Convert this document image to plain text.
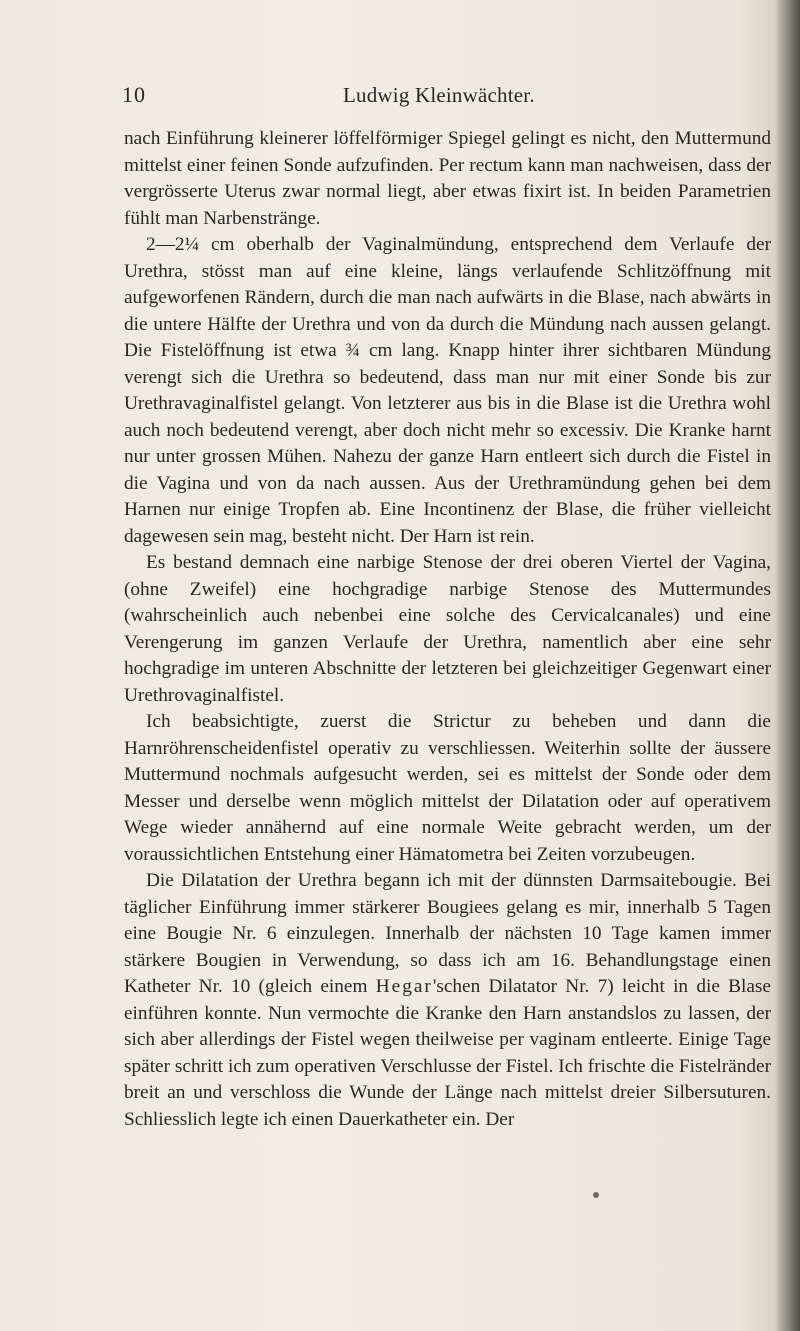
10	Ludwig Kleinwächter.

nach Einführung kleinerer löffelförmiger Spiegel gelingt es nicht, den Muttermund mittelst einer feinen Sonde aufzufinden. Per rectum kann man nachweisen, dass der vergrösserte Uterus zwar normal liegt, aber etwas fixirt ist. In beiden Parametrien fühlt man Narbenstränge.

2—2¼ cm oberhalb der Vaginalmündung, entsprechend dem Verlaufe der Urethra, stösst man auf eine kleine, längs verlaufende Schlitzöffnung mit aufgeworfenen Rändern, durch die man nach aufwärts in die Blase, nach abwärts in die untere Hälfte der Urethra und von da durch die Mündung nach aussen gelangt. Die Fistelöffnung ist etwa ¾ cm lang. Knapp hinter ihrer sichtbaren Mündung verengt sich die Urethra so bedeutend, dass man nur mit einer Sonde bis zur Urethravaginalfistel gelangt. Von letzterer aus bis in die Blase ist die Urethra wohl auch noch bedeutend verengt, aber doch nicht mehr so excessiv. Die Kranke harnt nur unter grossen Mühen. Nahezu der ganze Harn entleert sich durch die Fistel in die Vagina und von da nach aussen. Aus der Urethramündung gehen bei dem Harnen nur einige Tropfen ab. Eine Incontinenz der Blase, die früher vielleicht dagewesen sein mag, besteht nicht. Der Harn ist rein.

Es bestand demnach eine narbige Stenose der drei oberen Viertel der Vagina, (ohne Zweifel) eine hochgradige narbige Stenose des Muttermundes (wahrscheinlich auch nebenbei eine solche des Cervicalcanales) und eine Verengerung im ganzen Verlaufe der Urethra, namentlich aber eine sehr hochgradige im unteren Abschnitte der letzteren bei gleichzeitiger Gegenwart einer Urethrovaginalfistel.

Ich beabsichtigte, zuerst die Strictur zu beheben und dann die Harnröhrenscheidenfistel operativ zu verschliessen. Weiterhin sollte der äussere Muttermund nochmals aufgesucht werden, sei es mittelst der Sonde oder dem Messer und derselbe wenn möglich mittelst der Dilatation oder auf operativem Wege wieder annähernd auf eine normale Weite gebracht werden, um der voraussichtlichen Entstehung einer Hämatometra bei Zeiten vorzubeugen.

Die Dilatation der Urethra begann ich mit der dünnsten Darmsaitebougie. Bei täglicher Einführung immer stärkerer Bougiees gelang es mir, innerhalb 5 Tagen eine Bougie Nr. 6 einzulegen. Innerhalb der nächsten 10 Tage kamen immer stärkere Bougien in Verwendung, so dass ich am 16. Behandlungstage einen Katheter Nr. 10 (gleich einem Hegar'schen Dilatator Nr. 7) leicht in die Blase einführen konnte. Nun vermochte die Kranke den Harn anstandslos zu lassen, der sich aber allerdings der Fistel wegen theilweise per vaginam entleerte. Einige Tage später schritt ich zum operativen Verschlusse der Fistel. Ich frischte die Fistelränder breit an und verschloss die Wunde der Länge nach mittelst dreier Silbersuturen. Schliesslich legte ich einen Dauerkatheter ein. Der
